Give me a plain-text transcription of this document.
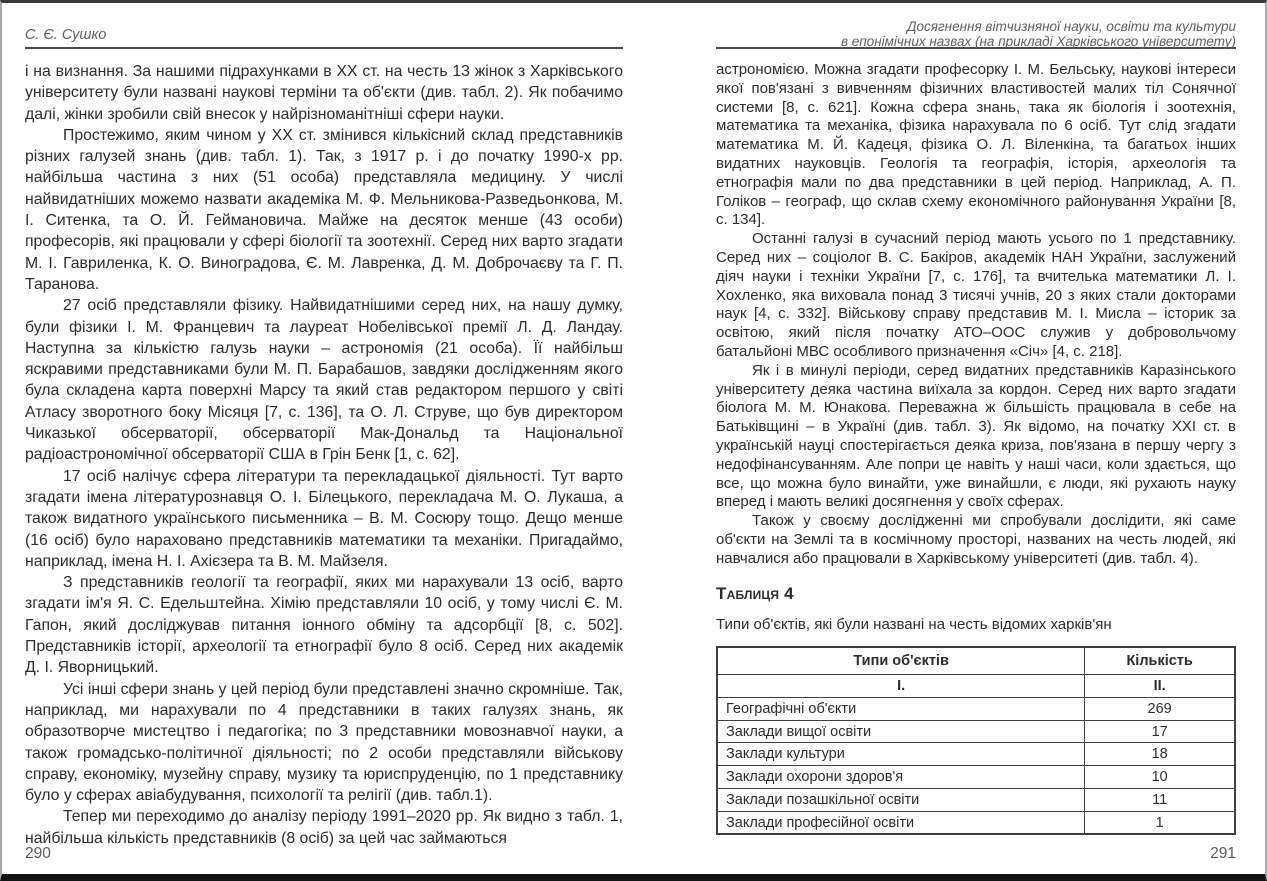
С. Є. Сушко

і на визнання. За нашими підрахунками в ХХ ст. на честь 13 жінок з Харківського університету були названі наукові терміни та об'єкти (див. табл. 2). Як побачимо далі, жінки зробили свій внесок у найрізноманітніші сфери науки.

Простежимо, яким чином у ХХ ст. змінився кількісний склад представників різних галузей знань (див. табл. 1). Так, з 1917 р. і до початку 1990-х рр. найбільша частина з них (51 особа) представляла медицину. У числі найвидатніших можемо назвати академіка М. Ф. Мельникова-Разведьонкова, М. І. Ситенка, та О. Й. Геймановича. Майже на десяток менше (43 особи) професорів, які працювали у сфері біології та зоотехнії. Серед них варто згадати М. І. Гавриленка, К. О. Виноградова, Є. М. Лавренка, Д. М. Доброчаєву та Г. П. Таранова.

27 осіб представляли фізику. Найвидатнішими серед них, на нашу думку, були фізики І. М. Францевич та лауреат Нобелівської премії Л. Д. Ландау. Наступна за кількістю галузь науки – астрономія (21 особа). Її найбільш яскравими представниками були М. П. Барабашов, завдяки дослідженням якого була складена карта поверхні Марсу та який став редактором першого у світі Атласу зворотного боку Місяця [7, с. 136], та О. Л. Струве, що був директором Чиказької обсерваторії, обсерваторії Мак-Дональд та Національної радіоастрономічної обсерваторії США в Грін Бенк [1, с. 62].

17 осіб налічує сфера літератури та перекладацької діяльності. Тут варто згадати імена літературознавця О. І. Білецького, перекладача М. О. Лукаша, а також видатного українського письменника – В. М. Сосюру тощо. Дещо менше (16 осіб) було нараховано представників математики та механіки. Пригадаймо, наприклад, імена Н. І. Ахієзера та В. М. Майзеля.

З представників геології та географії, яких ми нарахували 13 осіб, варто згадати ім'я Я. С. Едельштейна. Хімію представляли 10 осіб, у тому числі Є. М. Гапон, який досліджував питання іонного обміну та адсорбції [8, с. 502]. Представників історії, археології та етнографії було 8 осіб. Серед них академік Д. І. Яворницький.

Усі інші сфери знань у цей період були представлені значно скромніше. Так, наприклад, ми нарахували по 4 представники в таких галузях знань, як образотворче мистецтво і педагогіка; по 3 представники мовознавчої науки, а також громадсько-політичної діяльності; по 2 особи представляли військову справу, економіку, музейну справу, музику та юриспруденцію, по 1 представнику було у сферах авіабудування, психології та релігії (див. табл.1).

Тепер ми переходимо до аналізу періоду 1991–2020 рр. Як видно з табл. 1, найбільша кількість представників (8 осіб) за цей час займаються

290
Досягнення вітчизняної науки, освіти та культури
в епонімічних назвах (на прикладі Харківського університету)

астрономією. Можна згадати професорку І. М. Бельську, наукові інтереси якої пов'язані з вивченням фізичних властивостей малих тіл Сонячної системи [8, с. 621]. Кожна сфера знань, така як біологія і зоотехнія, математика та механіка, фізика нарахувала по 6 осіб. Тут слід згадати математика М. Й. Кадеця, фізика О. Л. Віленкіна, та багатьох інших видатних науковців. Геологія та географія, історія, археологія та етнографія мали по два представники в цей період. Наприклад, А. П. Голіков – географ, що склав схему економічного районування України [8, с. 134].

Останні галузі в сучасний період мають усього по 1 представнику. Серед них – соціолог В. С. Бакіров, академік НАН України, заслужений діяч науки і техніки України [7, с. 176], та вчителька математики Л. І. Хохленко, яка виховала понад 3 тисячі учнів, 20 з яких стали докторами наук [4, с. 332]. Військову справу представив М. І. Мисла – історик за освітою, який після початку АТО–ООС служив у добровольчому батальйоні МВС особливого призначення «Січ» [4, с. 218].

Як і в минулі періоди, серед видатних представників Каразінського університету деяка частина виїхала за кордон. Серед них варто згадати біолога М. М. Юнакова. Переважна ж більшість працювала в себе на Батьківщині – в Україні (див. табл. 3). Як відомо, на початку XXI ст. в українській науці спостерігається деяка криза, пов'язана в першу чергу з недофінансуванням. Але попри це навіть у наші часи, коли здається, що все, що можна було винайти, уже винайшли, є люди, які рухають науку вперед і мають великі досягнення у своїх сферах.

Також у своєму дослідженні ми спробували дослідити, які саме об'єкти на Землі та в космічному просторі, названих на честь людей, які навчалися або працювали в Харківському університеті (див. табл. 4).

Таблиця 4
Типи об'єктів, які були названі на честь відомих харків'ян
Типи об'єктів	Кількість
І.	ІІ.
Географічні об'єкти	269
Заклади вищої освіти	17
Заклади культури	18
Заклади охорони здоров'я	10
Заклади позашкільної освіти	11
Заклади професійної освіти	1
291
